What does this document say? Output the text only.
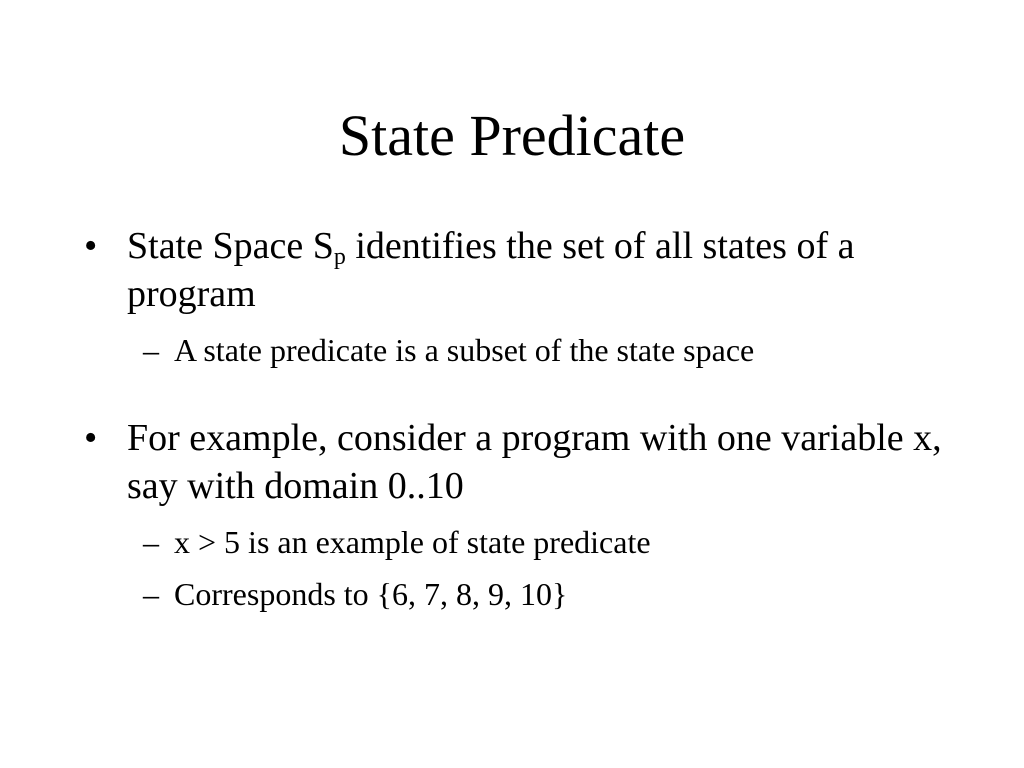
State Predicate
• State Space $S_p$ identifies the set of all states of a program
– A state predicate is a subset of the state space
• For example, consider a program with one variable x, say with domain 0..10
– x > 5 is an example of state predicate
– Corresponds to {6, 7, 8, 9, 10}
